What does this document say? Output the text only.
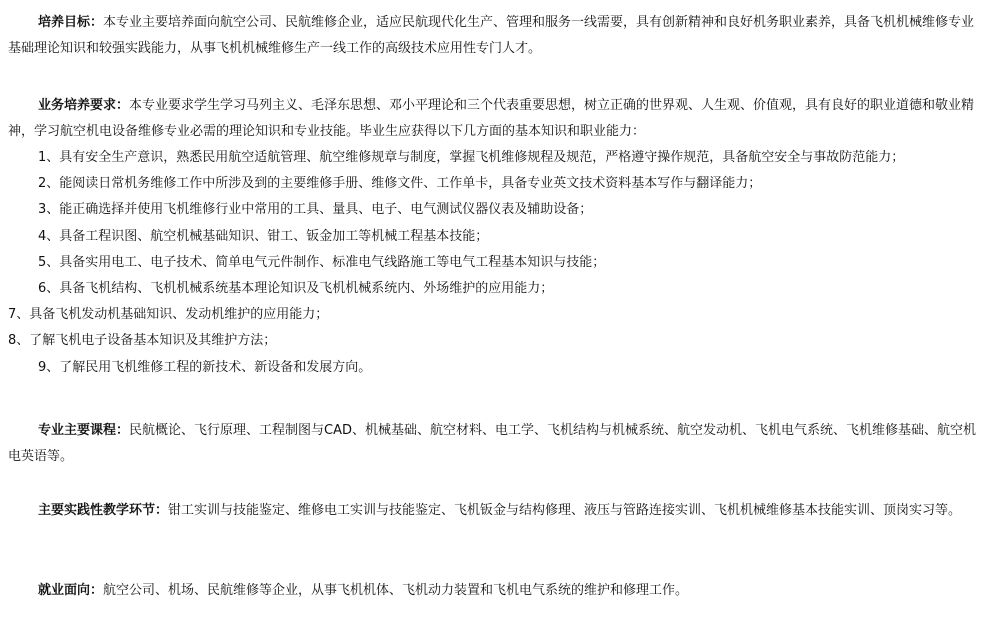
培养目标：本专业主要培养面向航空公司、民航维修企业，适应民航现代化生产、管理和服务一线需要，具有创新精神和良好机务职业素养，具备飞机机械维修专业基础理论知识和较强实践能力，从事飞机机械维修生产一线工作的高级技术应用性专门人才。

业务培养要求：本专业要求学生学习马列主义、毛泽东思想、邓小平理论和三个代表重要思想，树立正确的世界观、人生观、价值观，具有良好的职业道德和敬业精神，学习航空机电设备维修专业必需的理论知识和专业技能。毕业生应获得以下几方面的基本知识和职业能力：

1、具有安全生产意识，熟悉民用航空适航管理、航空维修规章与制度，掌握飞机维修规程及规范，严格遵守操作规范，具备航空安全与事故防范能力；
2、能阅读日常机务维修工作中所涉及到的主要维修手册、维修文件、工作单卡，具备专业英文技术资料基本写作与翻译能力；
3、能正确选择并使用飞机维修行业中常用的工具、量具、电子、电气测试仪器仪表及辅助设备；
4、具备工程识图、航空机械基础知识、钳工、钣金加工等机械工程基本技能；
5、具备实用电工、电子技术、简单电气元件制作、标准电气线路施工等电气工程基本知识与技能；
6、具备飞机结构、飞机机械系统基本理论知识及飞机机械系统内、外场维护的应用能力；
7、具备飞机发动机基础知识、发动机维护的应用能力；
8、了解飞机电子设备基本知识及其维护方法；
9、了解民用飞机维修工程的新技术、新设备和发展方向。

专业主要课程：民航概论、飞行原理、工程制图与CAD、机械基础、航空材料、电工学、飞机结构与机械系统、航空发动机、飞机电气系统、飞机维修基础、航空机电英语等。

主要实践性教学环节：钳工实训与技能鉴定、维修电工实训与技能鉴定、飞机钣金与结构修理、液压与管路连接实训、飞机机械维修基本技能实训、顶岗实习等。

就业面向：航空公司、机场、民航维修等企业，从事飞机机体、飞机动力装置和飞机电气系统的维护和修理工作。
